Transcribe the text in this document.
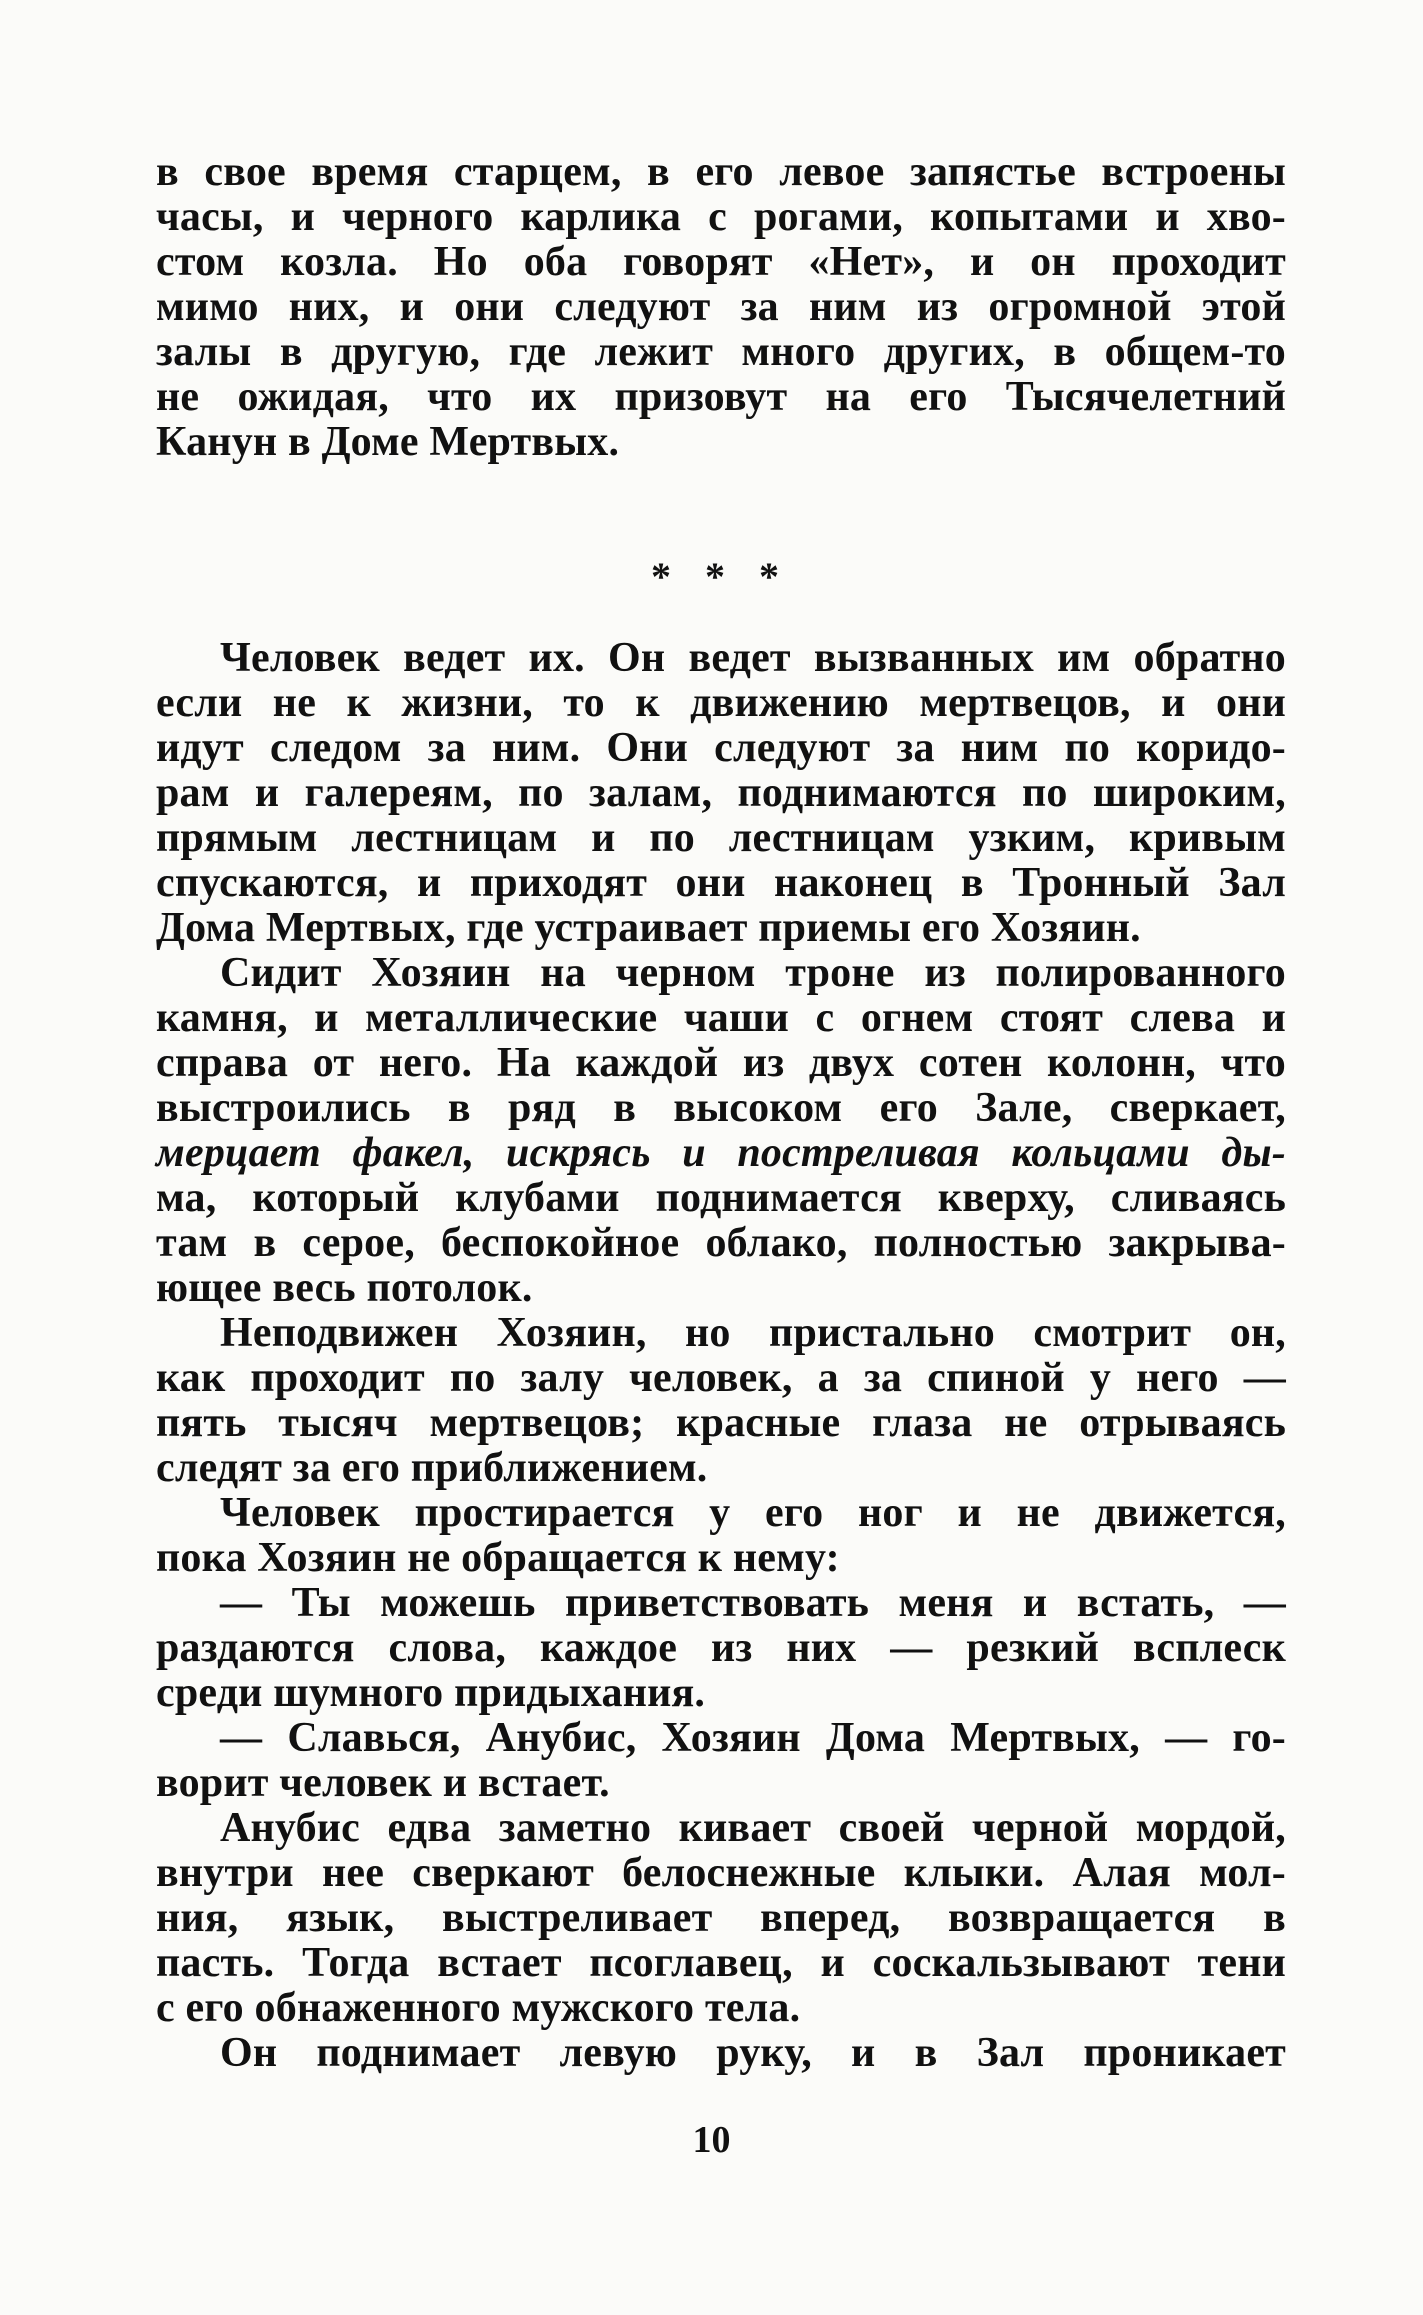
в свое время старцем, в его левое запястье встроены
часы, и черного карлика с рогами, копытами и хво-
стом козла. Но оба говорят «Нет», и он проходит
мимо них, и они следуют за ним из огромной этой
залы в другую, где лежит много других, в общем-то
не ожидая, что их призовут на его Тысячелетний
Канун в Доме Мертвых.
* * *
Человек ведет их. Он ведет вызванных им обратно
если не к жизни, то к движению мертвецов, и они
идут следом за ним. Они следуют за ним по коридо-
рам и галереям, по залам, поднимаются по широким,
прямым лестницам и по лестницам узким, кривым
спускаются, и приходят они наконец в Тронный Зал
Дома Мертвых, где устраивает приемы его Хозяин.
Сидит Хозяин на черном троне из полированного
камня, и металлические чаши с огнем стоят слева и
справа от него. На каждой из двух сотен колонн, что
выстроились в ряд в высоком его Зале, сверкает,
мерцает факел, искрясь и постреливая кольцами ды-
ма, который клубами поднимается кверху, сливаясь
там в серое, беспокойное облако, полностью закрыва-
ющее весь потолок.
Неподвижен Хозяин, но пристально смотрит он,
как проходит по залу человек, а за спиной у него —
пять тысяч мертвецов; красные глаза не отрываясь
следят за его приближением.
Человек простирается у его ног и не движется,
пока Хозяин не обращается к нему:
— Ты можешь приветствовать меня и встать, —
раздаются слова, каждое из них — резкий всплеск
среди шумного придыхания.
— Славься, Анубис, Хозяин Дома Мертвых, — го-
ворит человек и встает.
Анубис едва заметно кивает своей черной мордой,
внутри нее сверкают белоснежные клыки. Алая мол-
ния, язык, выстреливает вперед, возвращается в
пасть. Тогда встает псоглавец, и соскальзывают тени
с его обнаженного мужского тела.
Он поднимает левую руку, и в Зал проникает
10
